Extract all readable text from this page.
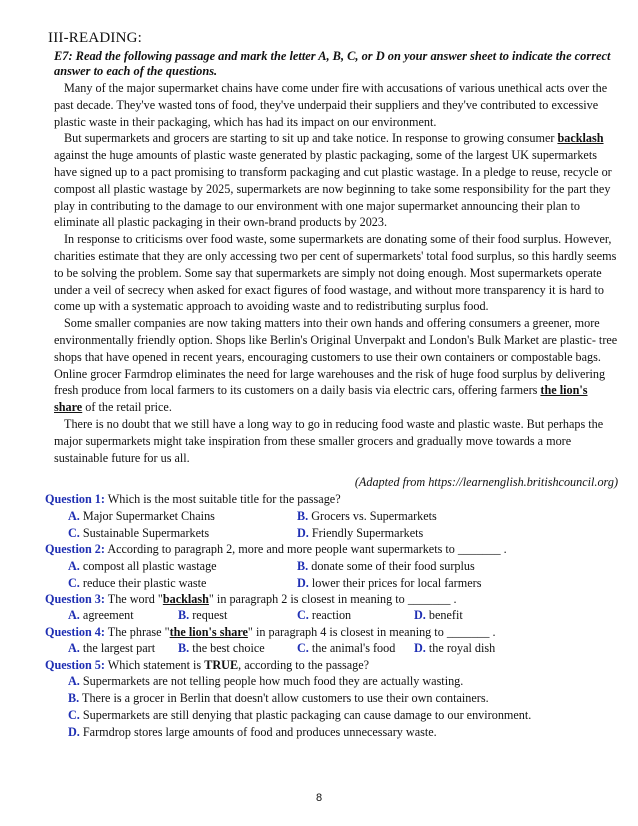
III-READING:
E7: Read the following passage and mark the letter A, B, C, or D on your answer sheet to indicate the correct
answer to each of the questions.

Many of the major supermarket chains have come under fire with accusations of various unethical acts over the past decade. They've wasted tons of food, they've underpaid their suppliers and they've contributed to excessive plastic waste in their packaging, which has had its impact on our environment.

But supermarkets and grocers are starting to sit up and take notice. In response to growing consumer backlash against the huge amounts of plastic waste generated by plastic packaging, some of the largest UK supermarkets have signed up to a pact promising to transform packaging and cut plastic wastage. In a pledge to reuse, recycle or compost all plastic wastage by 2025, supermarkets are now beginning to take some responsibility for the part they play in contributing to the damage to our environment with one major supermarket announcing their plan to eliminate all plastic packaging in their own-brand products by 2023.

In response to criticisms over food waste, some supermarkets are donating some of their food surplus. However, charities estimate that they are only accessing two per cent of supermarkets' total food surplus, so this hardly seems to be solving the problem. Some say that supermarkets are simply not doing enough. Most supermarkets operate under a veil of secrecy when asked for exact figures of food wastage, and without more transparency it is hard to come up with a systematic approach to avoiding waste and to redistributing surplus food.

Some smaller companies are now taking matters into their own hands and offering consumers a greener, more environmentally friendly option. Shops like Berlin's Original Unverpakt and London's Bulk Market are plastic- tree shops that have opened in recent years, encouraging customers to use their own containers or compostable bags. Online grocer Farmdrop eliminates the need for large warehouses and the risk of huge food surplus by delivering fresh produce from local farmers to its customers on a daily basis via electric cars, offering farmers the lion's share of the retail price.

There is no doubt that we still have a long way to go in reducing food waste and plastic waste. But perhaps the major supermarkets might take inspiration from these smaller grocers and gradually move towards a more sustainable future for us all.

(Adapted from https://learnenglish.britishcouncil.org)
Question 1: Which is the most suitable title for the passage?
A. Major Supermarket Chains	B. Grocers vs. Supermarkets
C. Sustainable Supermarkets	D. Friendly Supermarkets
Question 2: According to paragraph 2, more and more people want supermarkets to _______ .
A. compost all plastic wastage	B. donate some of their food surplus
C. reduce their plastic waste	D. lower their prices for local farmers
Question 3: The word "backlash" in paragraph 2 is closest in meaning to _______ .
A. agreement	B. request	C. reaction	D. benefit
Question 4: The phrase "the lion's share" in paragraph 4 is closest in meaning to _______ .
A. the largest part B. the best choice	C. the animal's food D. the royal dish
Question 5: Which statement is TRUE, according to the passage?
A. Supermarkets are not telling people how much food they are actually wasting.
B. There is a grocer in Berlin that doesn't allow customers to use their own containers.
C. Supermarkets are still denying that plastic packaging can cause damage to our environment.
D. Farmdrop stores large amounts of food and produces unnecessary waste.
8
